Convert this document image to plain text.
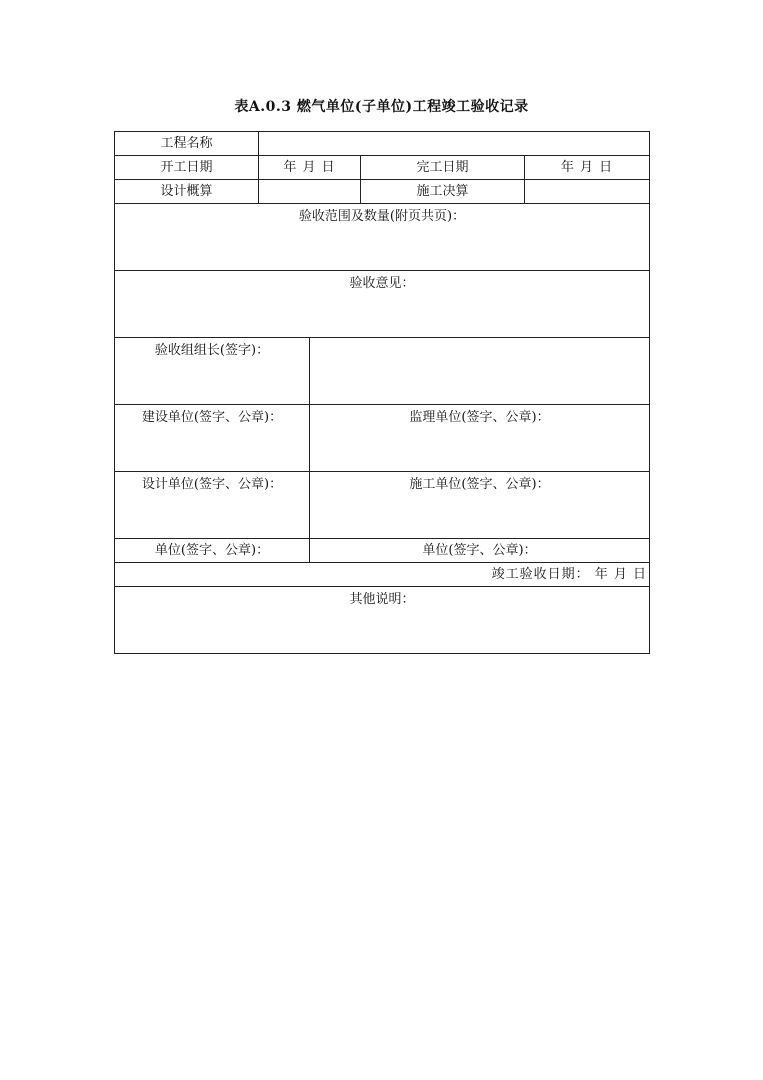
表A.0.3 燃气单位(子单位)工程竣工验收记录
工程名称				
开工日期	年 月 日		完工日期	年 月 日
设计概算			施工决算	
验收范围及数量(附页共页)：				
验收意见：				
验收组组长(签字)：				
建设单位(签字、公章)：		监理单位(签字、公章)：		
设计单位(签字、公章)：		施工单位(签字、公章)：		
单位(签字、公章)：		单位(签字、公章)：		
竣工验收日期： 年 月 日				
其他说明：				
